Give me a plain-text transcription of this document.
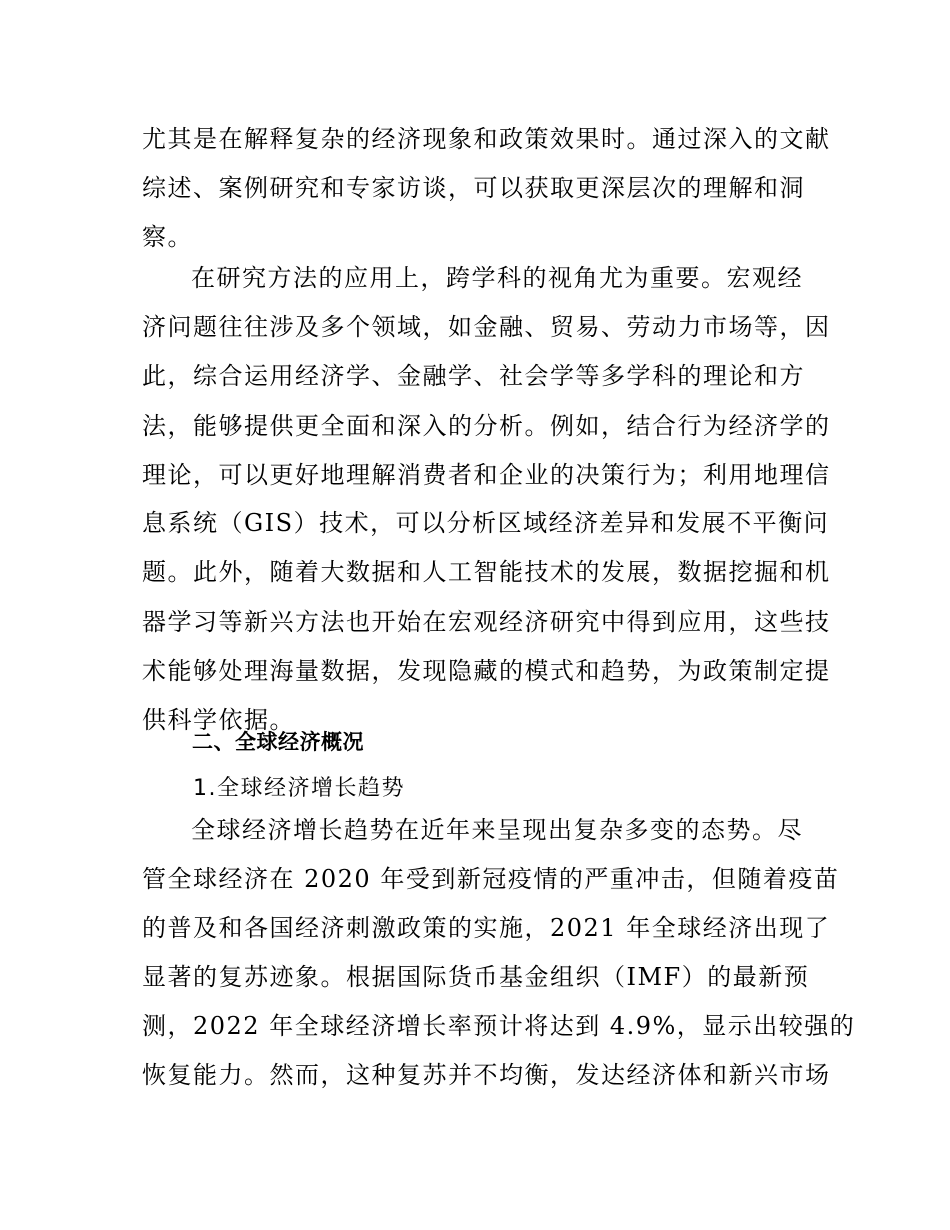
尤其是在解释复杂的经济现象和政策效果时。通过深入的文献

综述、案例研究和专家访谈，可以获取更深层次的理解和洞

察。

在研究方法的应用上，跨学科的视角尤为重要。宏观经

济问题往往涉及多个领域，如金融、贸易、劳动力市场等，因

此，综合运用经济学、金融学、社会学等多学科的理论和方

法，能够提供更全面和深入的分析。例如，结合行为经济学的

理论，可以更好地理解消费者和企业的决策行为；利用地理信

息系统（GIS）技术，可以分析区域经济差异和发展不平衡问

题。此外，随着大数据和人工智能技术的发展，数据挖掘和机

器学习等新兴方法也开始在宏观经济研究中得到应用，这些技

术能够处理海量数据，发现隐藏的模式和趋势，为政策制定提

供科学依据。

二、全球经济概况

1.全球经济增长趋势

全球经济增长趋势在近年来呈现出复杂多变的态势。尽

管全球经济在 2020 年受到新冠疫情的严重冲击，但随着疫苗

的普及和各国经济刺激政策的实施，2021 年全球经济出现了

显著的复苏迹象。根据国际货币基金组织（IMF）的最新预

测，2022 年全球经济增长率预计将达到 4.9%，显示出较强的

恢复能力。然而，这种复苏并不均衡，发达经济体和新兴市场
